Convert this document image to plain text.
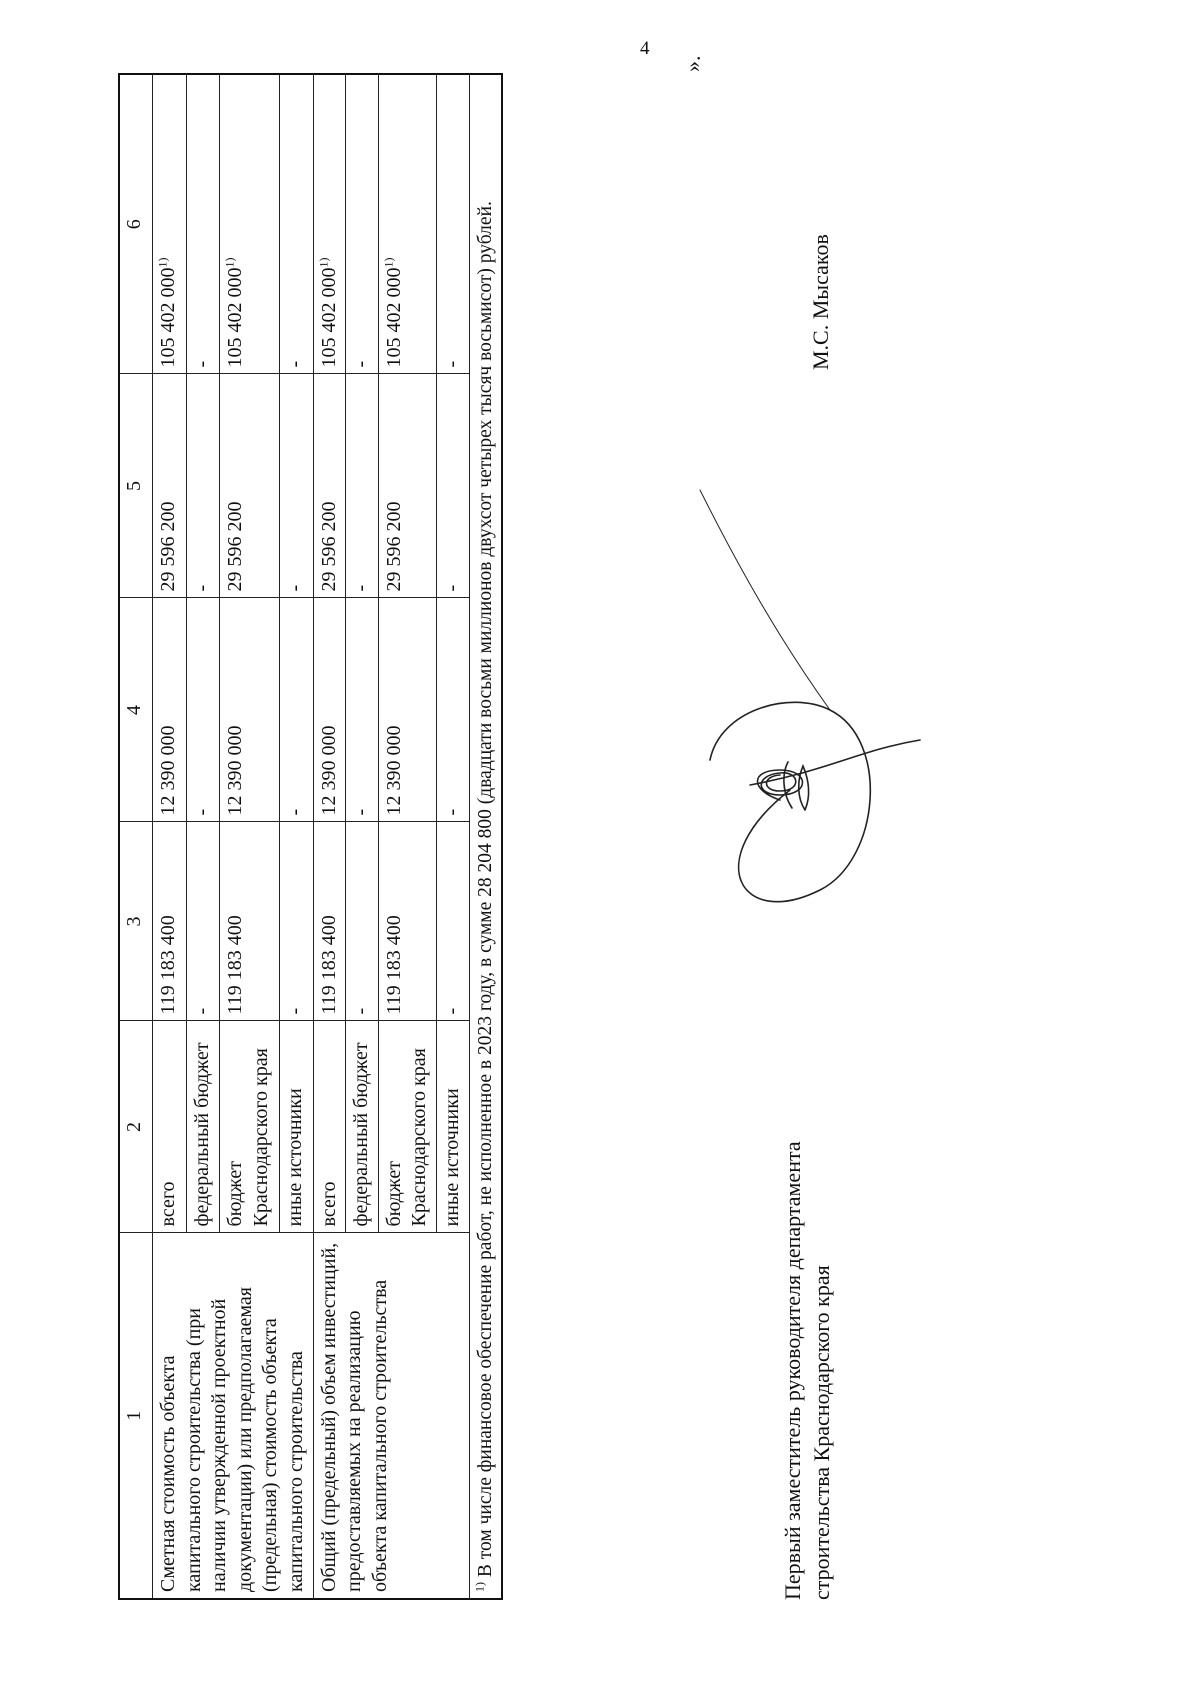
4
1	2	3	4	5	6
Сметная стоимость объекта капитального строительства (при наличии утвержденной проектной документации) или предполагаемая (предельная) стоимость объекта капитального строительства	всего	119 183 400	12 390 000	29 596 200	105 402 000$^{1)}$
	федеральный бюджет	-	-	-	-
	бюджет Краснодарского края	119 183 400	12 390 000	29 596 200	105 402 000$^{1)}$
	иные источники	-	-	-	-
Общий (предельный) объем инвестиций, предоставляемых на реализацию объекта капитального строительства	всего	119 183 400	12 390 000	29 596 200	105 402 000$^{1)}$
	федеральный бюджет	-	-	-	-
	бюджет Краснодарского края	119 183 400	12 390 000	29 596 200	105 402 000$^{1)}$
	иные источники	-	-	-	-
$^{1)}$ В том числе финансовое обеспечение работ, не исполненное в 2023 году, в сумме 28 204 800 (двадцати восьми миллионов двухсот четырех тысяч восьмисот) рублей.					
».
Первый заместитель руководителя департамента строительства Краснодарского края
М.С. Мысаков
